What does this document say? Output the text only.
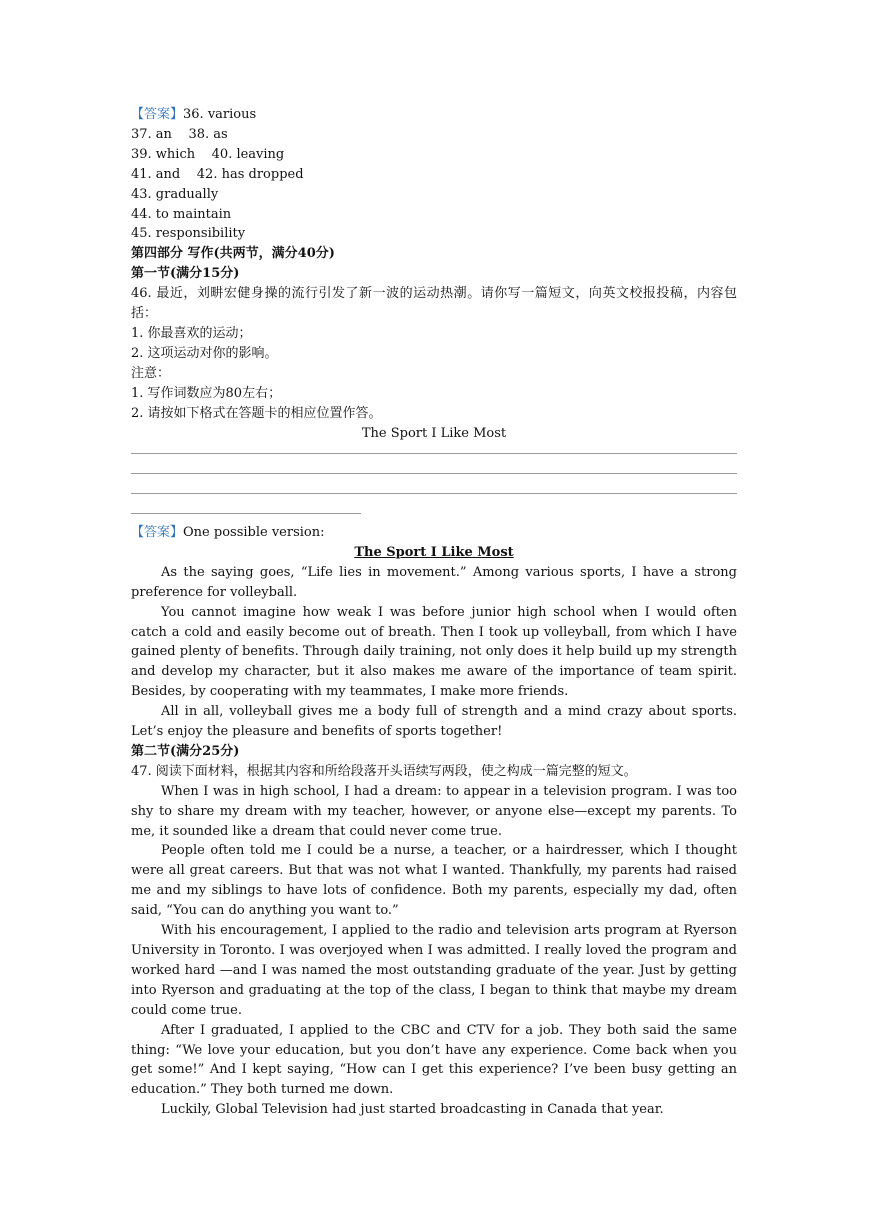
【答案】36. various

37. an    38. as

39. which    40. leaving

41. and    42. has dropped

43. gradually

44. to maintain

45. responsibility

第四部分 写作(共两节，满分40分)

第一节(满分15分)

46. 最近，刘畊宏健身操的流行引发了新一波的运动热潮。请你写一篇短文，向英文校报投稿，内容包括：

1. 你最喜欢的运动；

2. 这项运动对你的影响。

注意：

1. 写作词数应为80左右；

2. 请按如下格式在答题卡的相应位置作答。

The Sport I Like Most

【答案】One possible version:

The Sport I Like Most

As the saying goes, “Life lies in movement.” Among various sports, I have a strong preference for volleyball.

You cannot imagine how weak I was before junior high school when I would often catch a cold and easily become out of breath. Then I took up volleyball, from which I have gained plenty of benefits. Through daily training, not only does it help build up my strength and develop my character, but it also makes me aware of the importance of team spirit. Besides, by cooperating with my teammates, I make more friends.

All in all, volleyball gives me a body full of strength and a mind crazy about sports. Let’s enjoy the pleasure and benefits of sports together!

第二节(满分25分)

47. 阅读下面材料，根据其内容和所给段落开头语续写两段，使之构成一篇完整的短文。

When I was in high school, I had a dream: to appear in a television program. I was too shy to share my dream with my teacher, however, or anyone else—except my parents. To me, it sounded like a dream that could never come true.

People often told me I could be a nurse, a teacher, or a hairdresser, which I thought were all great careers. But that was not what I wanted. Thankfully, my parents had raised me and my siblings to have lots of confidence. Both my parents, especially my dad, often said, “You can do anything you want to.”

With his encouragement, I applied to the radio and television arts program at Ryerson University in Toronto. I was overjoyed when I was admitted. I really loved the program and worked hard —and I was named the most outstanding graduate of the year. Just by getting into Ryerson and graduating at the top of the class, I began to think that maybe my dream could come true.

After I graduated, I applied to the CBC and CTV for a job. They both said the same thing: “We love your education, but you don’t have any experience. Come back when you get some!” And I kept saying, “How can I get this experience? I’ve been busy getting an education.” They both turned me down.

Luckily, Global Television had just started broadcasting in Canada that year.
